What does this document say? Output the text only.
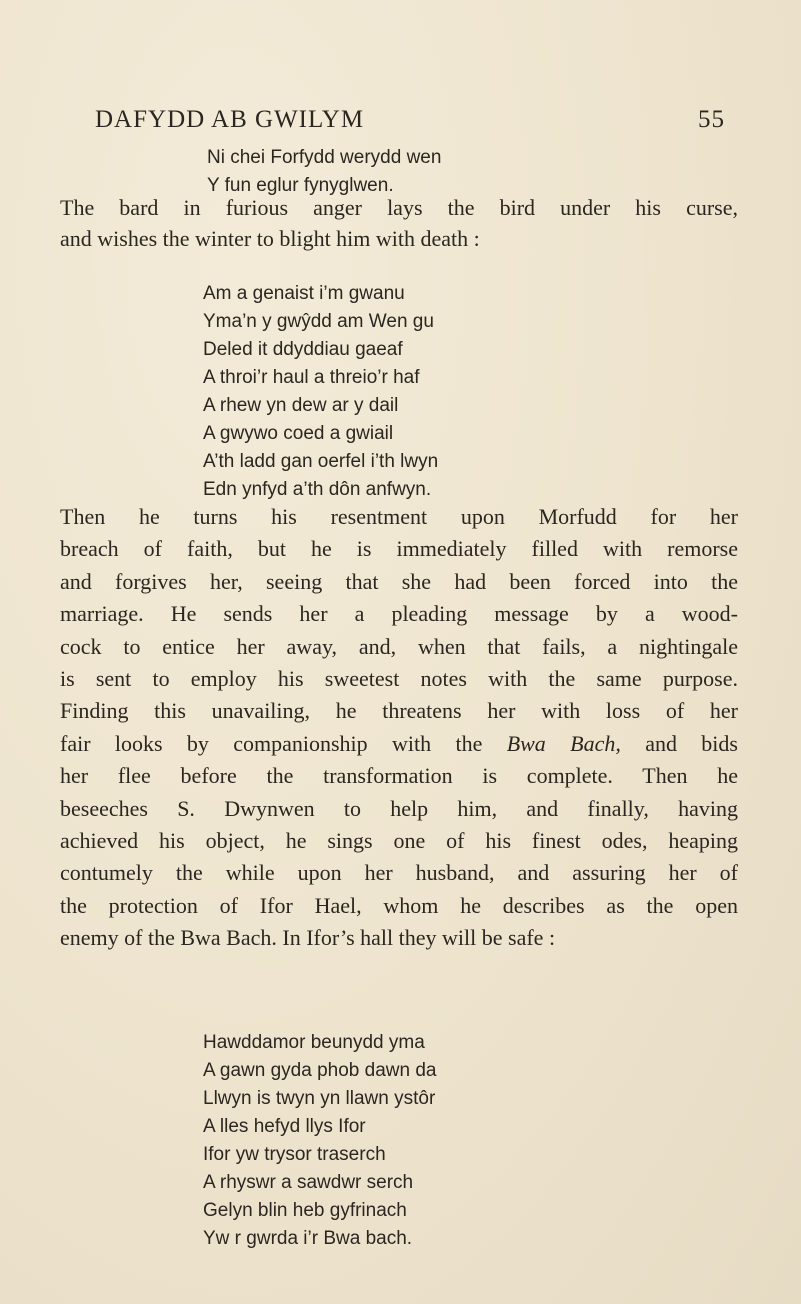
DAFYDD AB GWILYM	55
Ni chei Forfydd werydd wen
Y fun eglur fynyglwen.
The bard in furious anger lays the bird under his curse,
and wishes the winter to blight him with death :
Am a genaist i’m gwanu
Yma’n y gwŷdd am Wen gu
Deled it ddyddiau gaeaf
A throi’r haul a threio’r haf
A rhew yn dew ar y dail
A gwywo coed a gwiail
A’th ladd gan oerfel i’th lwyn
Edn ynfyd a’th dôn anfwyn.
Then he turns his resentment upon Morfudd for her
breach of faith, but he is immediately filled with remorse
and forgives her, seeing that she had been forced into the
marriage. He sends her a pleading message by a wood-
cock to entice her away, and, when that fails, a nightingale
is sent to employ his sweetest notes with the same purpose.
Finding this unavailing, he threatens her with loss of her
fair looks by companionship with the Bwa Bach, and bids
her flee before the transformation is complete. Then he
beseeches S. Dwynwen to help him, and finally, having
achieved his object, he sings one of his finest odes, heaping
contumely the while upon her husband, and assuring her of
the protection of Ifor Hael, whom he describes as the open
enemy of the Bwa Bach. In Ifor’s hall they will be safe :
Hawddamor beunydd yma
A gawn gyda phob dawn da
Llwyn is twyn yn llawn ystôr
A lles hefyd llys Ifor
Ifor yw trysor traserch
A rhyswr a sawdwr serch
Gelyn blin heb gyfrinach
Yw r gwrda i’r Bwa bach.
